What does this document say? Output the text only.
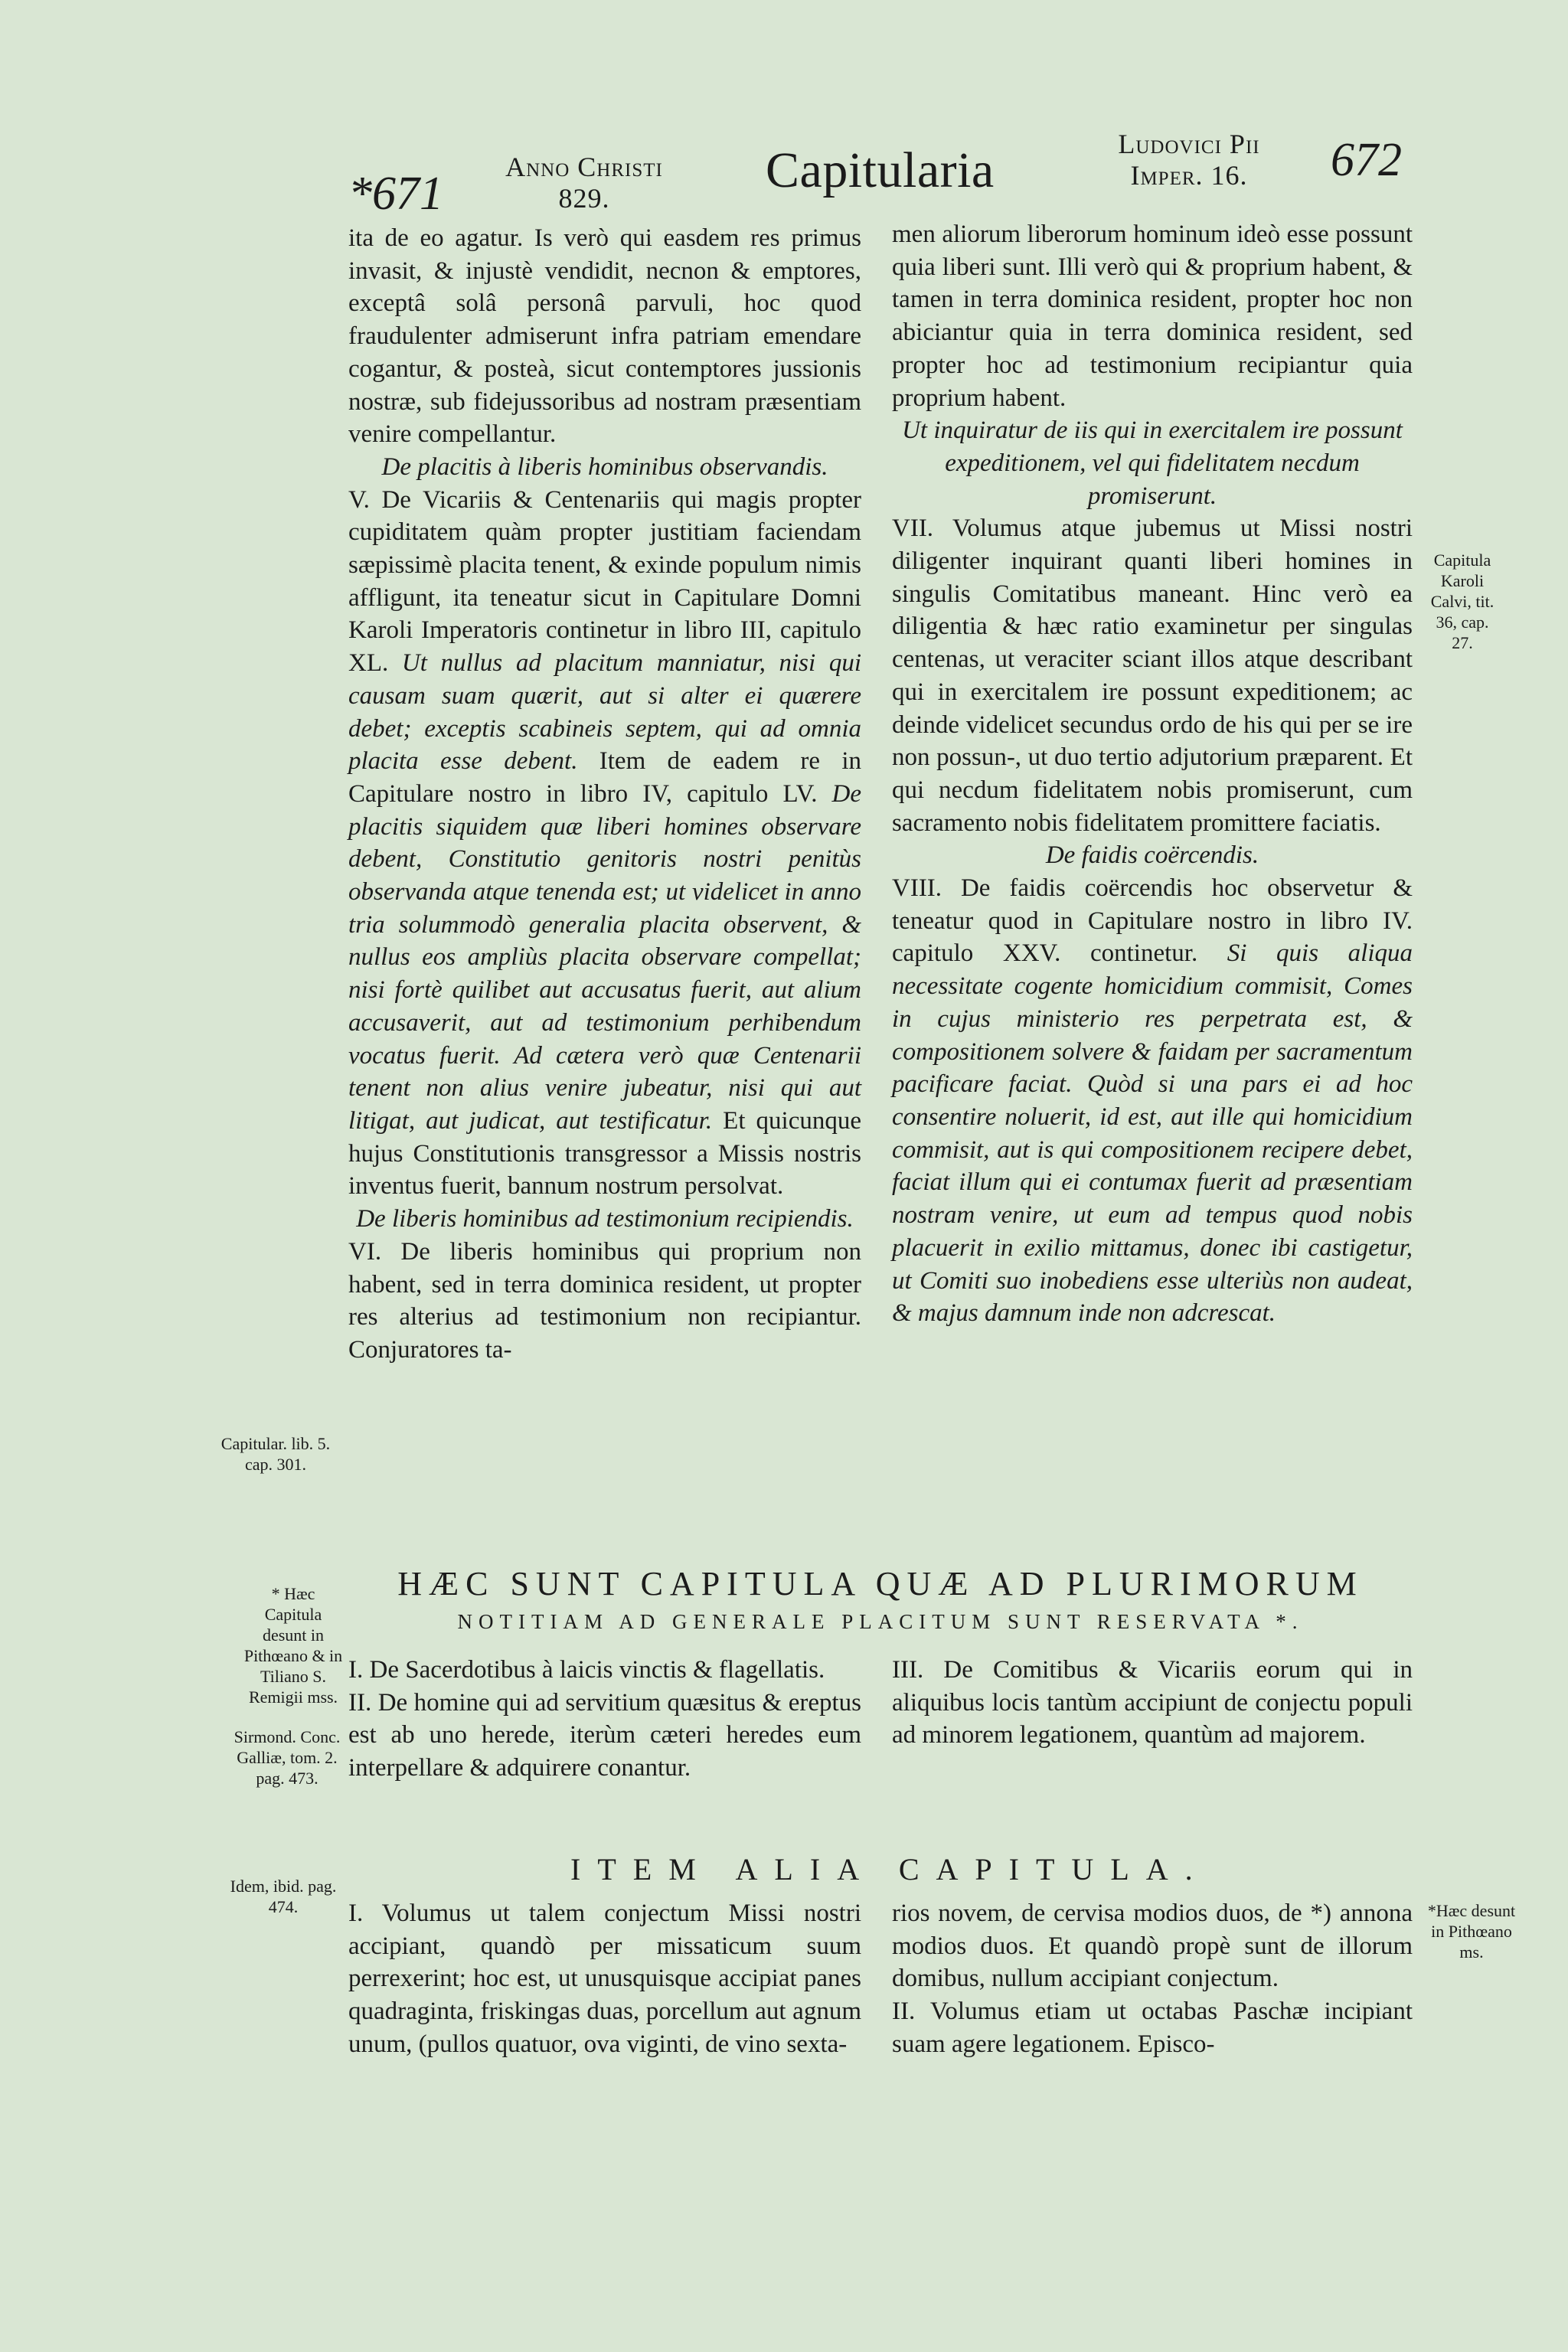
*671
Anno Christi
829.
Capitularia	Ludovici Pii
Imper. 16.	672

ita de eo agatur. Is verò qui easdem res primus invasit, & injustè vendidit, necnon & emptores, exceptâ solâ personâ parvuli, hoc quod fraudulenter admiserunt infra patriam emendare cogantur, & posteà, sicut contemptores jussionis nostræ, sub fidejussoribus ad nostram præsentiam venire compellantur.

De placitis à liberis hominibus observandis.

V. De Vicariis & Centenariis qui magis propter cupiditatem quàm propter justitiam faciendam sæpissimè placita tenent, & exinde populum nimis affligunt, ita teneatur sicut in Capitulare Domni Karoli Imperatoris continetur in libro III, capitulo XL. Ut nullus ad placitum manniatur, nisi qui causam suam quærit, aut si alter ei quærere debet; exceptis scabineis septem, qui ad omnia placita esse debent. Item de eadem re in Capitulare nostro in libro IV, capitulo LV. De placitis siquidem quæ liberi homines observare debent, Constitutio genitoris nostri penitùs observanda atque tenenda est; ut videlicet in anno tria solummodò generalia placita observent, & nullus eos ampliùs placita observare compellat; nisi fortè quilibet aut accusatus fuerit, aut alium accusaverit, aut ad testimonium perhibendum vocatus fuerit. Ad cætera verò quæ Centenarii tenent non alius venire jubeatur, nisi qui aut litigat, aut judicat, aut testificatur. Et quicunque hujus Constitutionis transgressor a Missis nostris inventus fuerit, bannum nostrum persolvat.

De liberis hominibus ad testimonium recipiendis.

VI. De liberis hominibus qui proprium non habent, sed in terra dominica resident, ut propter res alterius ad testimonium non recipiantur. Conjuratores ta-

men aliorum liberorum hominum ideò esse possunt quia liberi sunt. Illi verò qui & proprium habent, & tamen in terra dominica resident, propter hoc non abiciantur quia in terra dominica resident, sed propter hoc ad testimonium recipiantur quia proprium habent.

Ut inquiratur de iis qui in exercitalem ire possunt expeditionem, vel qui fidelitatem necdum promiserunt.

VII. Volumus atque jubemus ut Missi nostri diligenter inquirant quanti liberi homines in singulis Comitatibus maneant. Hinc verò ea diligentia & hæc ratio examinetur per singulas centenas, ut veraciter sciant illos atque describant qui in exercitalem ire possunt expeditionem; ac deinde videlicet secundus ordo de his qui per se ire non possun-, ut duo tertio adjutorium præparent. Et qui necdum fidelitatem nobis promiserunt, cum sacramento nobis fidelitatem promittere faciatis.

De faidis coërcendis.

VIII. De faidis coërcendis hoc observetur & teneatur quod in Capitulare nostro in libro IV. capitulo XXV. continetur. Si quis aliqua necessitate cogente homicidium commisit, Comes in cujus ministerio res perpetrata est, & compositionem solvere & faidam per sacramentum pacificare faciat. Quòd si una pars ei ad hoc consentire noluerit, id est, aut ille qui homicidium commisit, aut is qui compositionem recipere debet, faciat illum qui ei contumax fuerit ad præsentiam nostram venire, ut eum ad tempus quod nobis placuerit in exilio mittamus, donec ibi castigetur, ut Comiti suo inobediens esse ulteriùs non audeat, & majus damnum inde non adcrescat.

HÆC SUNT CAPITULA QUÆ AD PLURIMORUM
NOTITIAM AD GENERALE PLACITUM SUNT RESERVATA *.

I. De Sacerdotibus à laicis vinctis & flagellatis.

II. De homine qui ad servitium quæsitus & ereptus est ab uno herede, iterùm cæteri heredes eum interpellare & adquirere conantur.

III. De Comitibus & Vicariis eorum qui in aliquibus locis tantùm accipiunt de conjectu populi ad minorem legationem, quantùm ad majorem.

ITEM ALIA CAPITULA.

I. Volumus ut talem conjectum Missi nostri accipiant, quandò per missaticum suum perrexerint; hoc est, ut unusquisque accipiat panes quadraginta, friskingas duas, porcellum aut agnum unum, (pullos quatuor, ova viginti, de vino sexta-

rios novem, de cervisa modios duos, de *) annona modios duos. Et quandò propè sunt de illorum domibus, nullum accipiant conjectum.

II. Volumus etiam ut octabas Paschæ incipiant suam agere legationem. Episco-

Capitula Karoli Calvi, tit. 36, cap. 27.
Capitular. lib. 5. cap. 301.
* Hæc Capitula desunt in Pithœano & in Tiliano S. Remigii mss.
Sirmond. Conc. Galliæ, tom. 2. pag. 473.
Idem, ibid. pag. 474.	*Hæc desunt in Pithœano ms.
